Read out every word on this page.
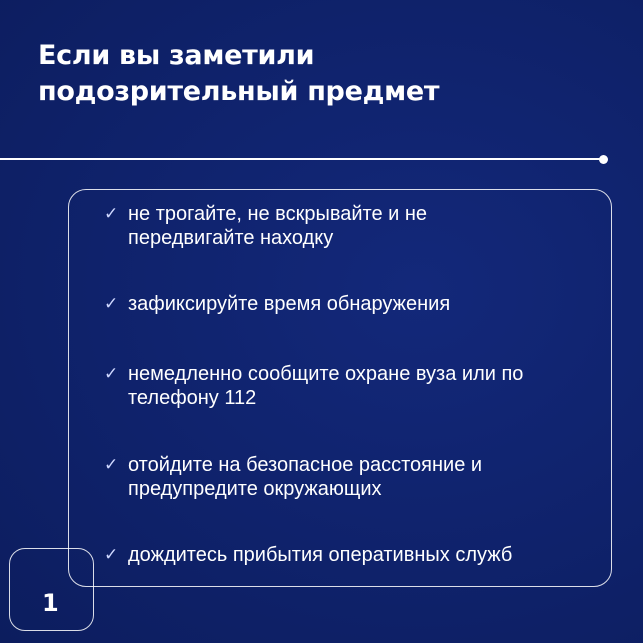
Если вы заметили
подозрительный предмет
✓ не трогайте, не вскрывайте и не
передвигайте находку
✓ зафиксируйте время обнаружения
✓ немедленно сообщите охране вуза или по
телефону 112
✓ отойдите на безопасное расстояние и
предупредите окружающих
✓ дождитесь прибытия оперативных служб
1
